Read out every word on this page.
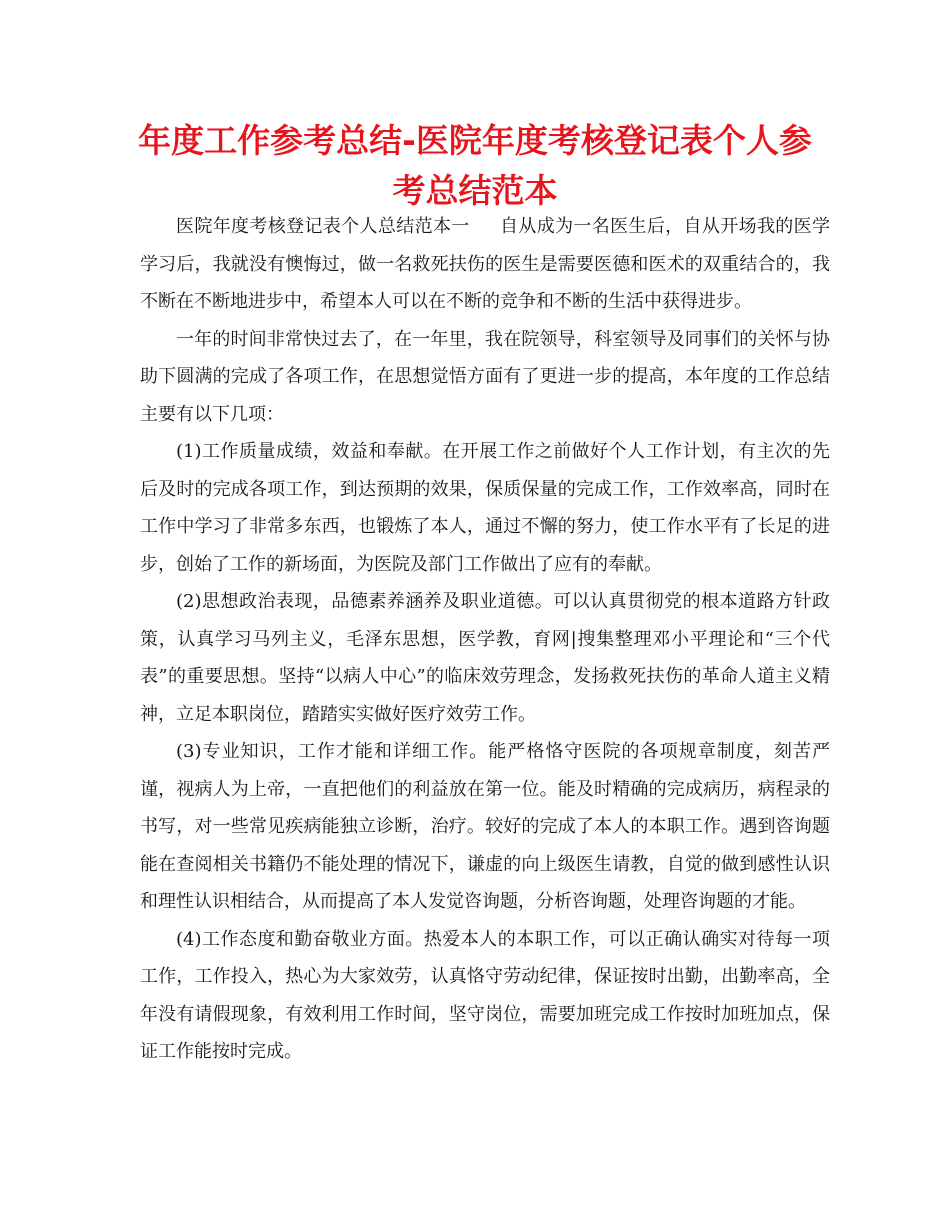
年度工作参考总结-医院年度考核登记表个人参考总结范本

医院年度考核登记表个人总结范本一 自从成为一名医生后，自从开场我的医学学习后，我就没有懊悔过，做一名救死扶伤的医生是需要医德和医术的双重结合的，我不断在不断地进步中，希望本人可以在不断的竞争和不断的生活中获得进步。

一年的时间非常快过去了，在一年里，我在院领导，科室领导及同事们的关怀与协助下圆满的完成了各项工作，在思想觉悟方面有了更进一步的提高，本年度的工作总结主要有以下几项：

(1)工作质量成绩，效益和奉献。在开展工作之前做好个人工作计划，有主次的先后及时的完成各项工作，到达预期的效果，保质保量的完成工作，工作效率高，同时在工作中学习了非常多东西，也锻炼了本人，通过不懈的努力，使工作水平有了长足的进步，创始了工作的新场面，为医院及部门工作做出了应有的奉献。

(2)思想政治表现，品德素养涵养及职业道德。可以认真贯彻党的根本道路方针政策，认真学习马列主义，毛泽东思想，医学教，育网|搜集整理邓小平理论和“三个代表”的重要思想。坚持“以病人中心”的临床效劳理念，发扬救死扶伤的革命人道主义精神，立足本职岗位，踏踏实实做好医疗效劳工作。

(3)专业知识，工作才能和详细工作。能严格恪守医院的各项规章制度，刻苦严谨，视病人为上帝，一直把他们的利益放在第一位。能及时精确的完成病历，病程录的书写，对一些常见疾病能独立诊断，治疗。较好的完成了本人的本职工作。遇到咨询题能在查阅相关书籍仍不能处理的情况下，谦虚的向上级医生请教，自觉的做到感性认识和理性认识相结合，从而提高了本人发觉咨询题，分析咨询题，处理咨询题的才能。

(4)工作态度和勤奋敬业方面。热爱本人的本职工作，可以正确认确实对待每一项工作，工作投入，热心为大家效劳，认真恪守劳动纪律，保证按时出勤，出勤率高，全年没有请假现象，有效利用工作时间，坚守岗位，需要加班完成工作按时加班加点，保证工作能按时完成。
